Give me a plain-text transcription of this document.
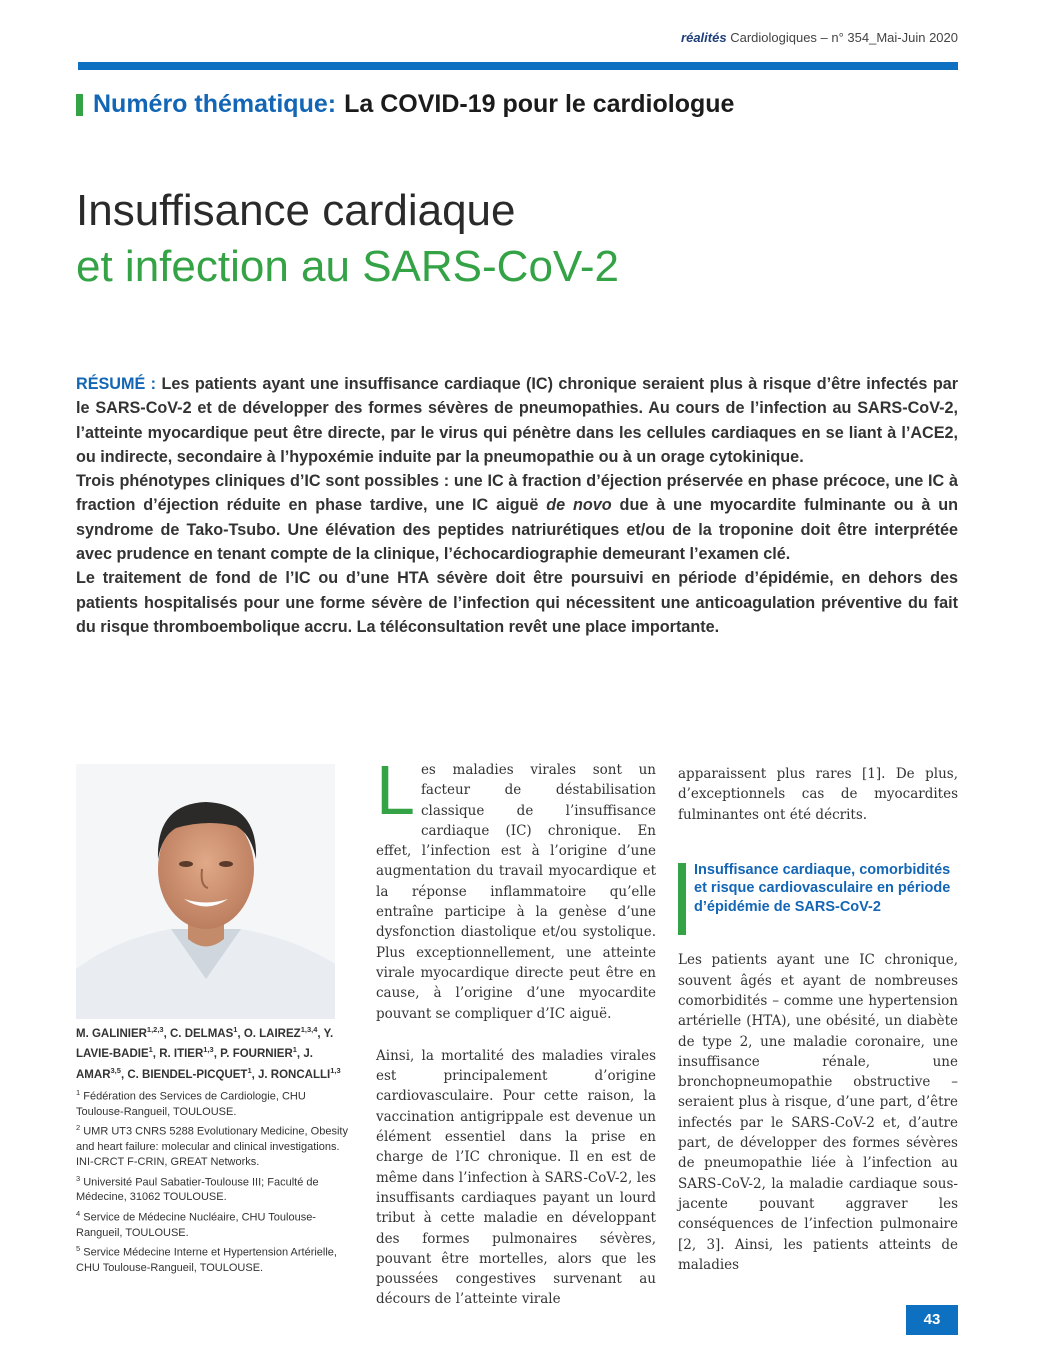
réalités Cardiologiques – n° 354_Mai-Juin 2020
Numéro thématique: La COVID-19 pour le cardiologue
Insuffisance cardiaque
et infection au SARS-CoV-2

RÉSUMÉ : Les patients ayant une insuffisance cardiaque (IC) chronique seraient plus à risque d’être infectés par le SARS-CoV-2 et de développer des formes sévères de pneumopathies. Au cours de l’infection au SARS-CoV-2, l’atteinte myocardique peut être directe, par le virus qui pénètre dans les cellules cardiaques en se liant à l’ACE2, ou indirecte, secondaire à l’hypoxémie induite par la pneumopathie ou à un orage cytokinique.

Trois phénotypes cliniques d’IC sont possibles : une IC à fraction d’éjection préservée en phase précoce, une IC à fraction d’éjection réduite en phase tardive, une IC aiguë de novo due à une myocardite fulminante ou à un syndrome de Tako-Tsubo. Une élévation des peptides natriurétiques et/ou de la troponine doit être interprétée avec prudence en tenant compte de la clinique, l’échocardiographie demeurant l’examen clé.

Le traitement de fond de l’IC ou d’une HTA sévère doit être poursuivi en période d’épidémie, en dehors des patients hospitalisés pour une forme sévère de l’infection qui nécessitent une anticoagulation préventive du fait du risque thromboembolique accru. La téléconsultation revêt une place importante.

M. GALINIER$^{1,2,3}$, C. DELMAS$^1$, O. LAIREZ$^{1,3,4}$, Y. LAVIE-BADIE$^1$, R. ITIER$^{1,3}$, P. FOURNIER$^1$, J. AMAR$^{3,5}$, C. BIENDEL-PICQUET$^1$, J. RONCALLI$^{1,3}$

$^1$ Fédération des Services de Cardiologie, CHU Toulouse-Rangueil, TOULOUSE.

$^2$ UMR UT3 CNRS 5288 Evolutionary Medicine, Obesity and heart failure: molecular and clinical investigations. INI-CRCT F-CRIN, GREAT Networks.

$^3$ Université Paul Sabatier-Toulouse III; Faculté de Médecine, 31062 TOULOUSE.

$^4$ Service de Médecine Nucléaire, CHU Toulouse-Rangueil, TOULOUSE.

$^5$ Service Médecine Interne et Hypertension Artérielle, CHU Toulouse-Rangueil, TOULOUSE.

Les maladies virales sont un facteur de déstabilisation classique de l’insuffisance cardiaque (IC) chronique. En effet, l’infection est à l’origine d’une augmentation du travail myocardique et la réponse inflammatoire qu’elle entraîne participe à la genèse d’une dysfonction diastolique et/ou systolique. Plus exceptionnellement, une atteinte virale myocardique directe peut être en cause, à l’origine d’une myocardite pouvant se compliquer d’IC aiguë.

Ainsi, la mortalité des maladies virales est principalement d’origine cardiovasculaire. Pour cette raison, la vaccination antigrippale est devenue un élément essentiel dans la prise en charge de l’IC chronique. Il en est de même dans l’infection à SARS-CoV-2, les insuffisants cardiaques payant un lourd tribut à cette maladie en développant des formes pulmonaires sévères, pouvant être mortelles, alors que les poussées congestives survenant au décours de l’atteinte virale

apparaissent plus rares [1]. De plus, d’exceptionnels cas de myocardites fulminantes ont été décrits.

Insuffisance cardiaque, comorbidités et risque cardiovasculaire en période d’épidémie de SARS-CoV-2

Les patients ayant une IC chronique, souvent âgés et ayant de nombreuses comorbidités – comme une hypertension artérielle (HTA), une obésité, un diabète de type 2, une maladie coronaire, une insuffisance rénale, une bronchopneumopathie obstructive – seraient plus à risque, d’une part, d’être infectés par le SARS-CoV-2 et, d’autre part, de développer des formes sévères de pneumopathie liée à l’infection au SARS-CoV-2, la maladie cardiaque sous-jacente pouvant aggraver les conséquences de l’infection pulmonaire [2, 3]. Ainsi, les patients atteints de maladies

43
